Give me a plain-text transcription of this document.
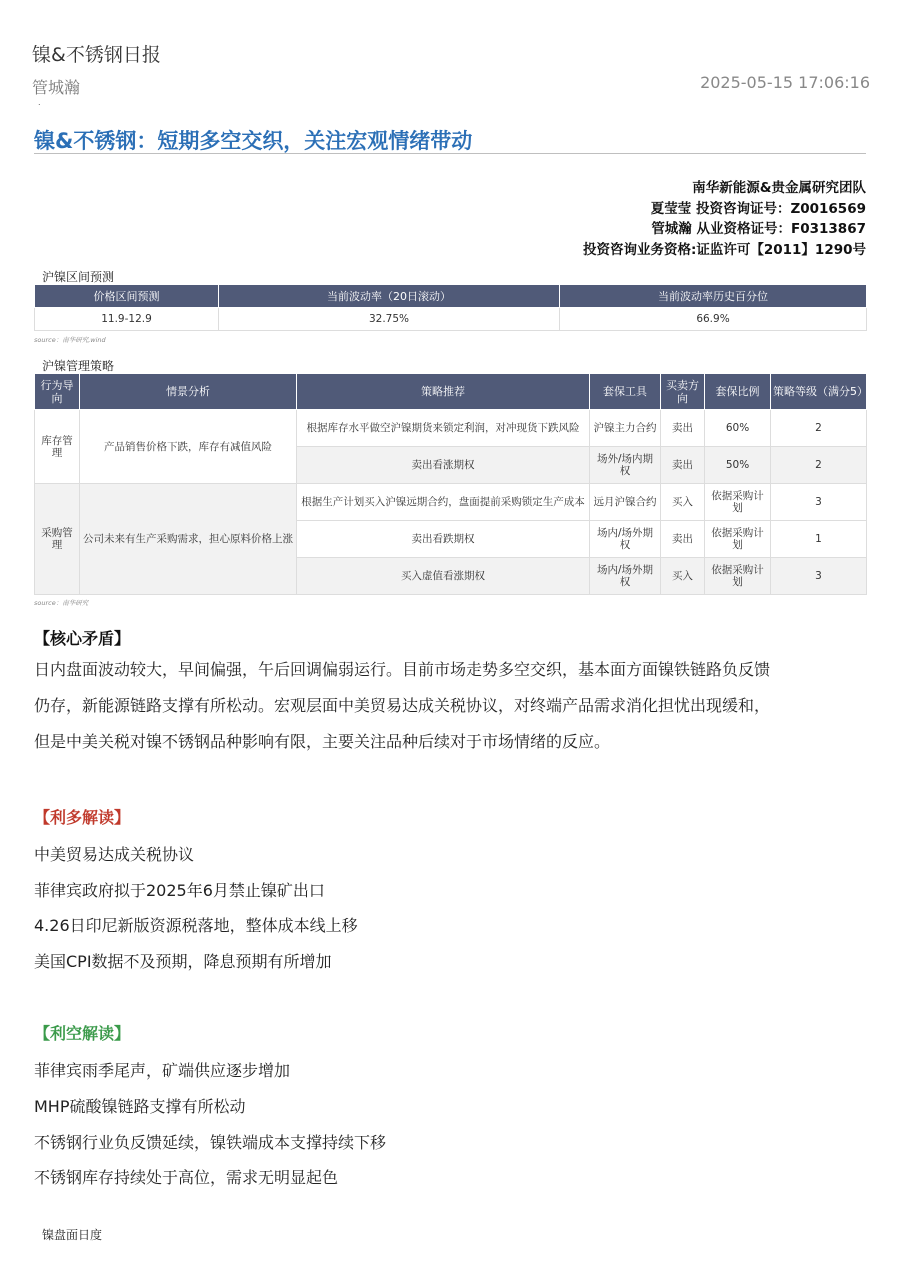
镍&不锈钢日报
管城瀚	2025-05-15 17:06:16
.
镍&不锈钢：短期多空交织，关注宏观情绪带动
南华新能源&贵金属研究团队
夏莹莹 投资咨询证号：Z0016569
管城瀚 从业资格证号：F0313867
投资咨询业务资格:证监许可【2011】1290号
沪镍区间预测
价格区间预测	当前波动率（20日滚动）	当前波动率历史百分位
11.9-12.9	32.75%	66.9%
source：南华研究,wind
沪镍管理策略
行为导向	情景分析	策略推荐	套保工具	买卖方向	套保比例	策略等级（满分5）
库存管理	产品销售价格下跌，库存有减值风险	根据库存水平做空沪镍期货来锁定利润，对冲现货下跌风险	沪镍主力合约	卖出	60%	2
		卖出看涨期权	场外/场内期权	卖出	50%	2
采购管理	公司未来有生产采购需求，担心原料价格上涨	根据生产计划买入沪镍远期合约，盘面提前采购锁定生产成本	远月沪镍合约	买入	依据采购计划	3
		卖出看跌期权	场内/场外期权	卖出	依据采购计划	1
		买入虚值看涨期权	场内/场外期权	买入	依据采购计划	3
source：南华研究
【核心矛盾】
日内盘面波动较大，早间偏强，午后回调偏弱运行。目前市场走势多空交织，基本面方面镍铁链路负反馈
仍存，新能源链路支撑有所松动。宏观层面中美贸易达成关税协议，对终端产品需求消化担忧出现缓和，
但是中美关税对镍不锈钢品种影响有限，主要关注品种后续对于市场情绪的反应。
【利多解读】
中美贸易达成关税协议
菲律宾政府拟于2025年6月禁止镍矿出口
4.26日印尼新版资源税落地，整体成本线上移
美国CPI数据不及预期，降息预期有所增加
【利空解读】
菲律宾雨季尾声，矿端供应逐步增加
MHP硫酸镍链路支撑有所松动
不锈钢行业负反馈延续，镍铁端成本支撑持续下移
不锈钢库存持续处于高位，需求无明显起色
镍盘面日度
